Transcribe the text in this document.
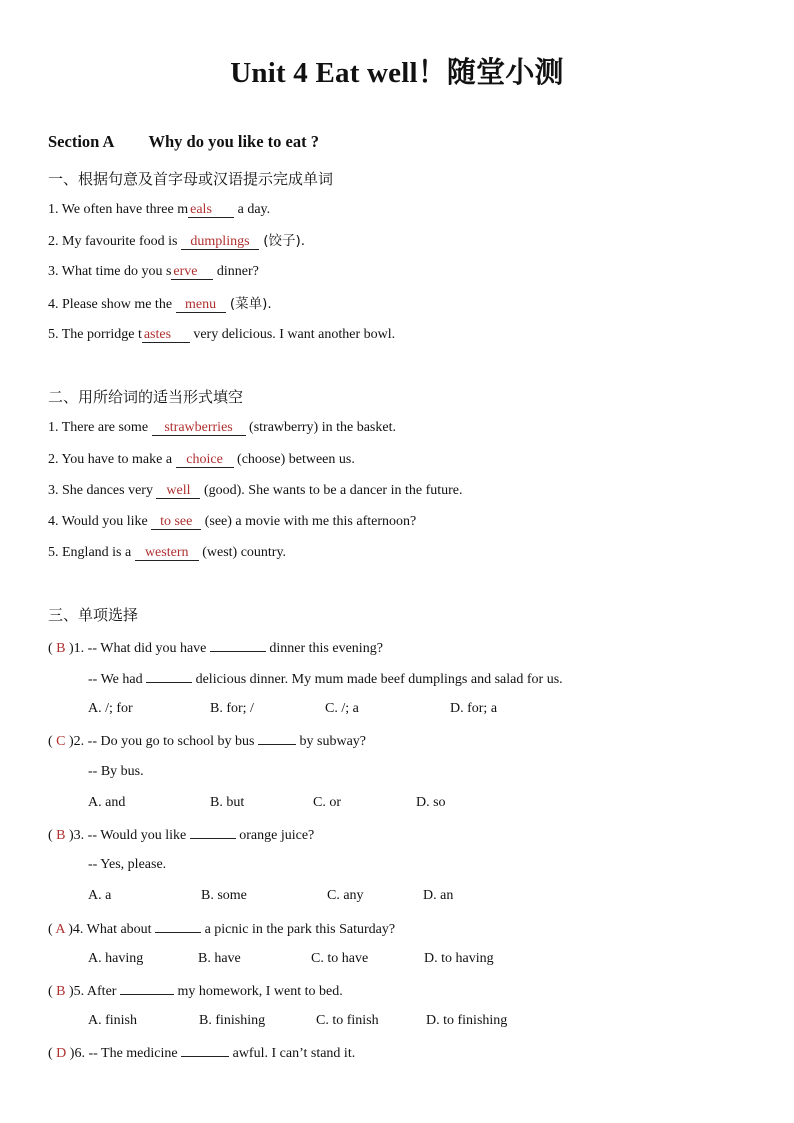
Unit 4 Eat well！随堂小测
Section A Why do you like to eat ?
一、根据句意及首字母或汉语提示完成单词
1. We often have three m eals a day.
2. My favourite food is dumplings (饺子).
3. What time do you s erve dinner?
4. Please show me the menu (菜单).
5. The porridge t astes very delicious. I want another bowl.
二、用所给词的适当形式填空
1. There are some strawberries (strawberry) in the basket.
2. You have to make a choice (choose) between us.
3. She dances very well (good). She wants to be a dancer in the future.
4. Would you like to see (see) a movie with me this afternoon?
5. England is a western (west) country.
三、单项选择
( B )1. -- What did you have	dinner this evening?
-- We had	delicious dinner. My mum made beef dumplings and salad for us.
A. /; for	B. for; /	C. /; a	D. for; a
( C )2. -- Do you go to school by bus	by subway?
-- By bus.
A. and	B. but	C. or	D. so
( B )3. -- Would you like	orange juice?
-- Yes, please.
A. a	B. some	C. any	D. an
( A )4. What about	a picnic in the park this Saturday?
A. having	B. have	C. to have	D. to having
( B )5. After	my homework, I went to bed.
A. finish	B. finishing	C. to finish	D. to finishing
( D )6. -- The medicine	awful. I can’t stand it.
